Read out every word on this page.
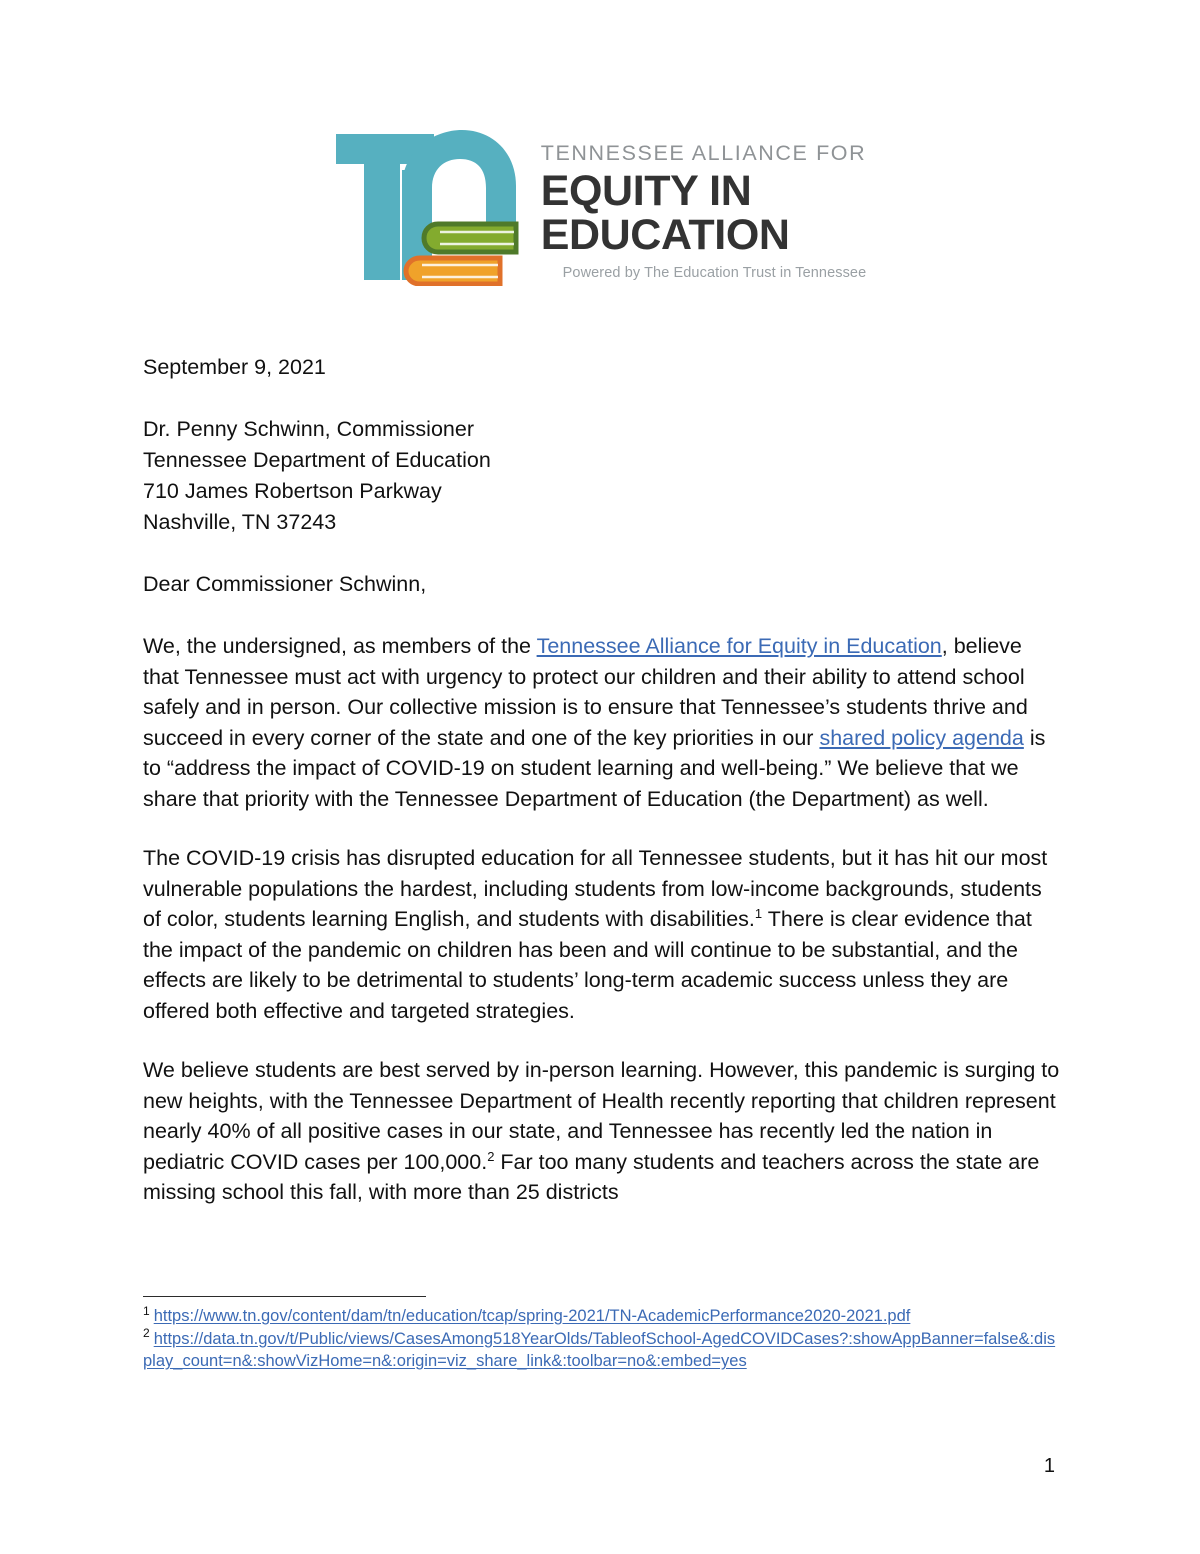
TENNESSEE ALLIANCE FOR
EQUITY IN
EDUCATION
Powered by The Education Trust in Tennessee
September 9, 2021
Dr. Penny Schwinn, Commissioner
Tennessee Department of Education
710 James Robertson Parkway
Nashville, TN 37243
Dear Commissioner Schwinn,

We, the undersigned, as members of the Tennessee Alliance for Equity in Education, believe that Tennessee must act with urgency to protect our children and their ability to attend school safely and in person. Our collective mission is to ensure that Tennessee’s students thrive and succeed in every corner of the state and one of the key priorities in our shared policy agenda is to “address the impact of COVID-19 on student learning and well-being.” We believe that we share that priority with the Tennessee Department of Education (the Department) as well.

The COVID-19 crisis has disrupted education for all Tennessee students, but it has hit our most vulnerable populations the hardest, including students from low-income backgrounds, students of color, students learning English, and students with disabilities.$^1$ There is clear evidence that the impact of the pandemic on children has been and will continue to be substantial, and the effects are likely to be detrimental to students’ long-term academic success unless they are offered both effective and targeted strategies.

We believe students are best served by in-person learning. However, this pandemic is surging to new heights, with the Tennessee Department of Health recently reporting that children represent nearly 40% of all positive cases in our state, and Tennessee has recently led the nation in pediatric COVID cases per 100,000.$^2$ Far too many students and teachers across the state are missing school this fall, with more than 25 districts

$^1$ https://www.tn.gov/content/dam/tn/education/tcap/spring-2021/TN-AcademicPerformance2020-2021.pdf

$^2$ https://data.tn.gov/t/Public/views/CasesAmong518YearOlds/TableofSchool-AgedCOVIDCases?:showAppBanner=false&:display_count=n&:showVizHome=n&:origin=viz_share_link&:toolbar=no&:embed=yes

1
